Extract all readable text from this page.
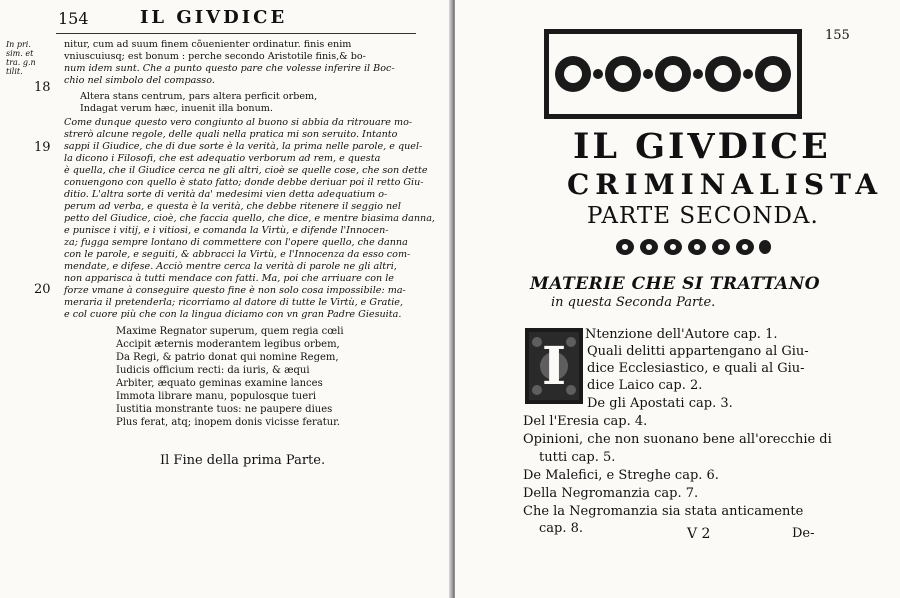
154	IL GIVDICE
In pri. sim. et tra. g.n tilit.
18
19
20
nitur, cum ad suum finem cõuenienter ordinatur. finis enim
vniuscuiusq; est bonum : perche secondo Aristotile finis,& bo-
num idem sunt. Che a punto questo pare che volesse inferire il Boc-
chio nel simbolo del compasso.
Altera stans centrum, pars altera perficit orbem,
Indagat verum hæc, inuenit illa bonum.
Come dunque questo vero congiunto al buono si abbia da ritrouare mo-
strerò alcune regole, delle quali nella pratica mi son seruito. Intanto
sappi il Giudice, che di due sorte è la verità, la prima nelle parole, e quel-
la dicono i Filosofi, che est adequatio verborum ad rem, e questa
è quella, che il Giudice cerca ne gli altri, cioè se quelle cose, che son dette
conuengono con quello è stato fatto; donde debbe deriuar poi il retto Giu-
ditio. L'altra sorte di verità da' medesimi vien detta adequatium o-
perum ad verba, e questa è la verità, che debbe ritenere il seggio nel
petto del Giudice, cioè, che faccia quello, che dice, e mentre biasima danna,
e punisce i vitij, e i vitiosi, e comanda la Virtù, e difende l'Innocen-
za; fugga sempre lontano di commettere con l'opere quello, che danna
con le parole, e seguiti, & abbracci la Virtù, e l'Innocenza da esso com-
mendate, e difese. Acciò mentre cerca la verità di parole ne gli altri,
non apparisca à tutti mendace con fatti. Ma, poi che arriuare con le
forze vmane à conseguire questo fine è non solo cosa impossibile: ma-
meraria il pretenderla; ricorriamo al datore di tutte le Virtù, e Gratie,
e col cuore più che con la lingua diciamo con vn gran Padre Giesuita.
Maxime Regnator superum, quem regia cœli
Accipit æternis moderantem legibus orbem,
Da Regi, & patrio donat qui nomine Regem,
Iudicis officium recti: da iuris, & æqui
Arbiter, æquato geminas examine lances
Immota librare manu, populosque tueri
Iustitia monstrante tuos: ne paupere diues
Plus ferat, atq; inopem donis vicisse feratur.
Il Fine della prima Parte.
155
IL GIVDICE
CRIMINALISTA
PARTE SECONDA.
MATERIE CHE SI TRATTANO
in questa Seconda Parte.
I
Ntenzione dell'Autore cap. 1.
Quali delitti appartengano al Giu-
dice Ecclesiastico, e quali al Giu-
dice Laico cap. 2.
De gli Apostati cap. 3.
Del l'Eresia cap. 4.
Opinioni, che non suonano bene all'orecchie di
tutti cap. 5.
De Malefici, e Streghe cap. 6.
Della Negromanzia cap. 7.
Che la Negromanzia sia stata anticamente
cap. 8.	V 2	De-
